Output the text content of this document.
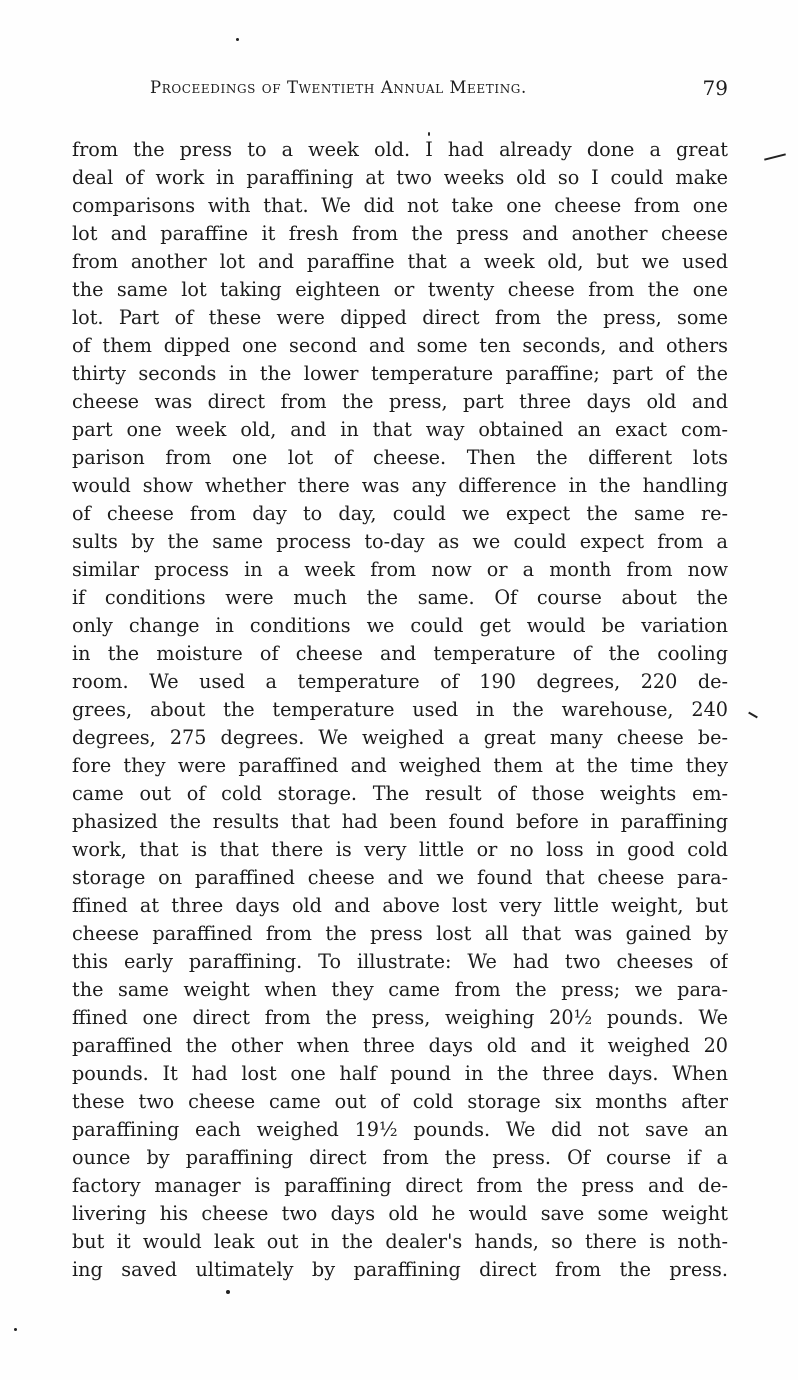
Proceedings of Twentieth Annual Meeting.	79
from the press to a week old. I had already done a great
deal of work in paraffining at two weeks old so I could make
comparisons with that. We did not take one cheese from one
lot and paraffine it fresh from the press and another cheese
from another lot and paraffine that a week old, but we used
the same lot taking eighteen or twenty cheese from the one
lot. Part of these were dipped direct from the press, some
of them dipped one second and some ten seconds, and others
thirty seconds in the lower temperature paraffine; part of the
cheese was direct from the press, part three days old and
part one week old, and in that way obtained an exact com-
parison from one lot of cheese. Then the different lots
would show whether there was any difference in the handling
of cheese from day to day, could we expect the same re-
sults by the same process to-day as we could expect from a
similar process in a week from now or a month from now
if conditions were much the same. Of course about the
only change in conditions we could get would be variation
in the moisture of cheese and temperature of the cooling
room. We used a temperature of 190 degrees, 220 de-
grees, about the temperature used in the warehouse, 240
degrees, 275 degrees. We weighed a great many cheese be-
fore they were paraffined and weighed them at the time they
came out of cold storage. The result of those weights em-
phasized the results that had been found before in paraffining
work, that is that there is very little or no loss in good cold
storage on paraffined cheese and we found that cheese para-
ffined at three days old and above lost very little weight, but
cheese paraffined from the press lost all that was gained by
this early paraffining. To illustrate: We had two cheeses of
the same weight when they came from the press; we para-
ffined one direct from the press, weighing 20½ pounds. We
paraffined the other when three days old and it weighed 20
pounds. It had lost one half pound in the three days. When
these two cheese came out of cold storage six months after
paraffining each weighed 19½ pounds. We did not save an
ounce by paraffining direct from the press. Of course if a
factory manager is paraffining direct from the press and de-
livering his cheese two days old he would save some weight
but it would leak out in the dealer's hands, so there is noth-
ing saved ultimately by paraffining direct from the press.
